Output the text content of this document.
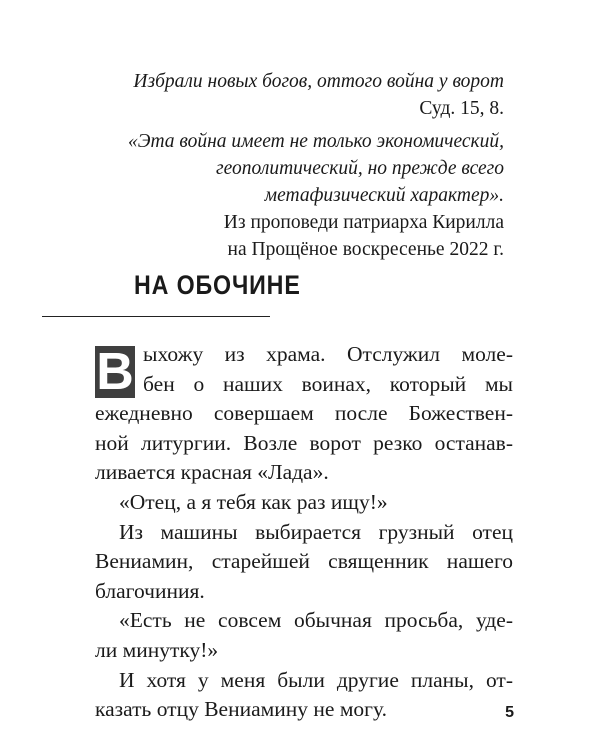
Избрали новых богов, оттого война у ворот
Суд. 15, 8.
«Эта война имеет не только экономический,
геополитический, но прежде всего
метафизический характер».
Из проповеди патриарха Кирилла
на Прощёное воскресенье 2022 г.
НА ОБОЧИНЕ
В ыхожу из храма. Отслужил моле-
бен о наших воинах, который мы
ежедневно совершаем после Божествен-
ной литургии. Возле ворот резко останав-
ливается красная «Лада».
«Отец, а я тебя как раз ищу!»
Из машины выбирается грузный отец
Вениамин, старейшей священник нашего
благочиния.
«Есть не совсем обычная просьба, уде-
ли минутку!»
И хотя у меня были другие планы, от-
казать отцу Вениамину не могу.	5
